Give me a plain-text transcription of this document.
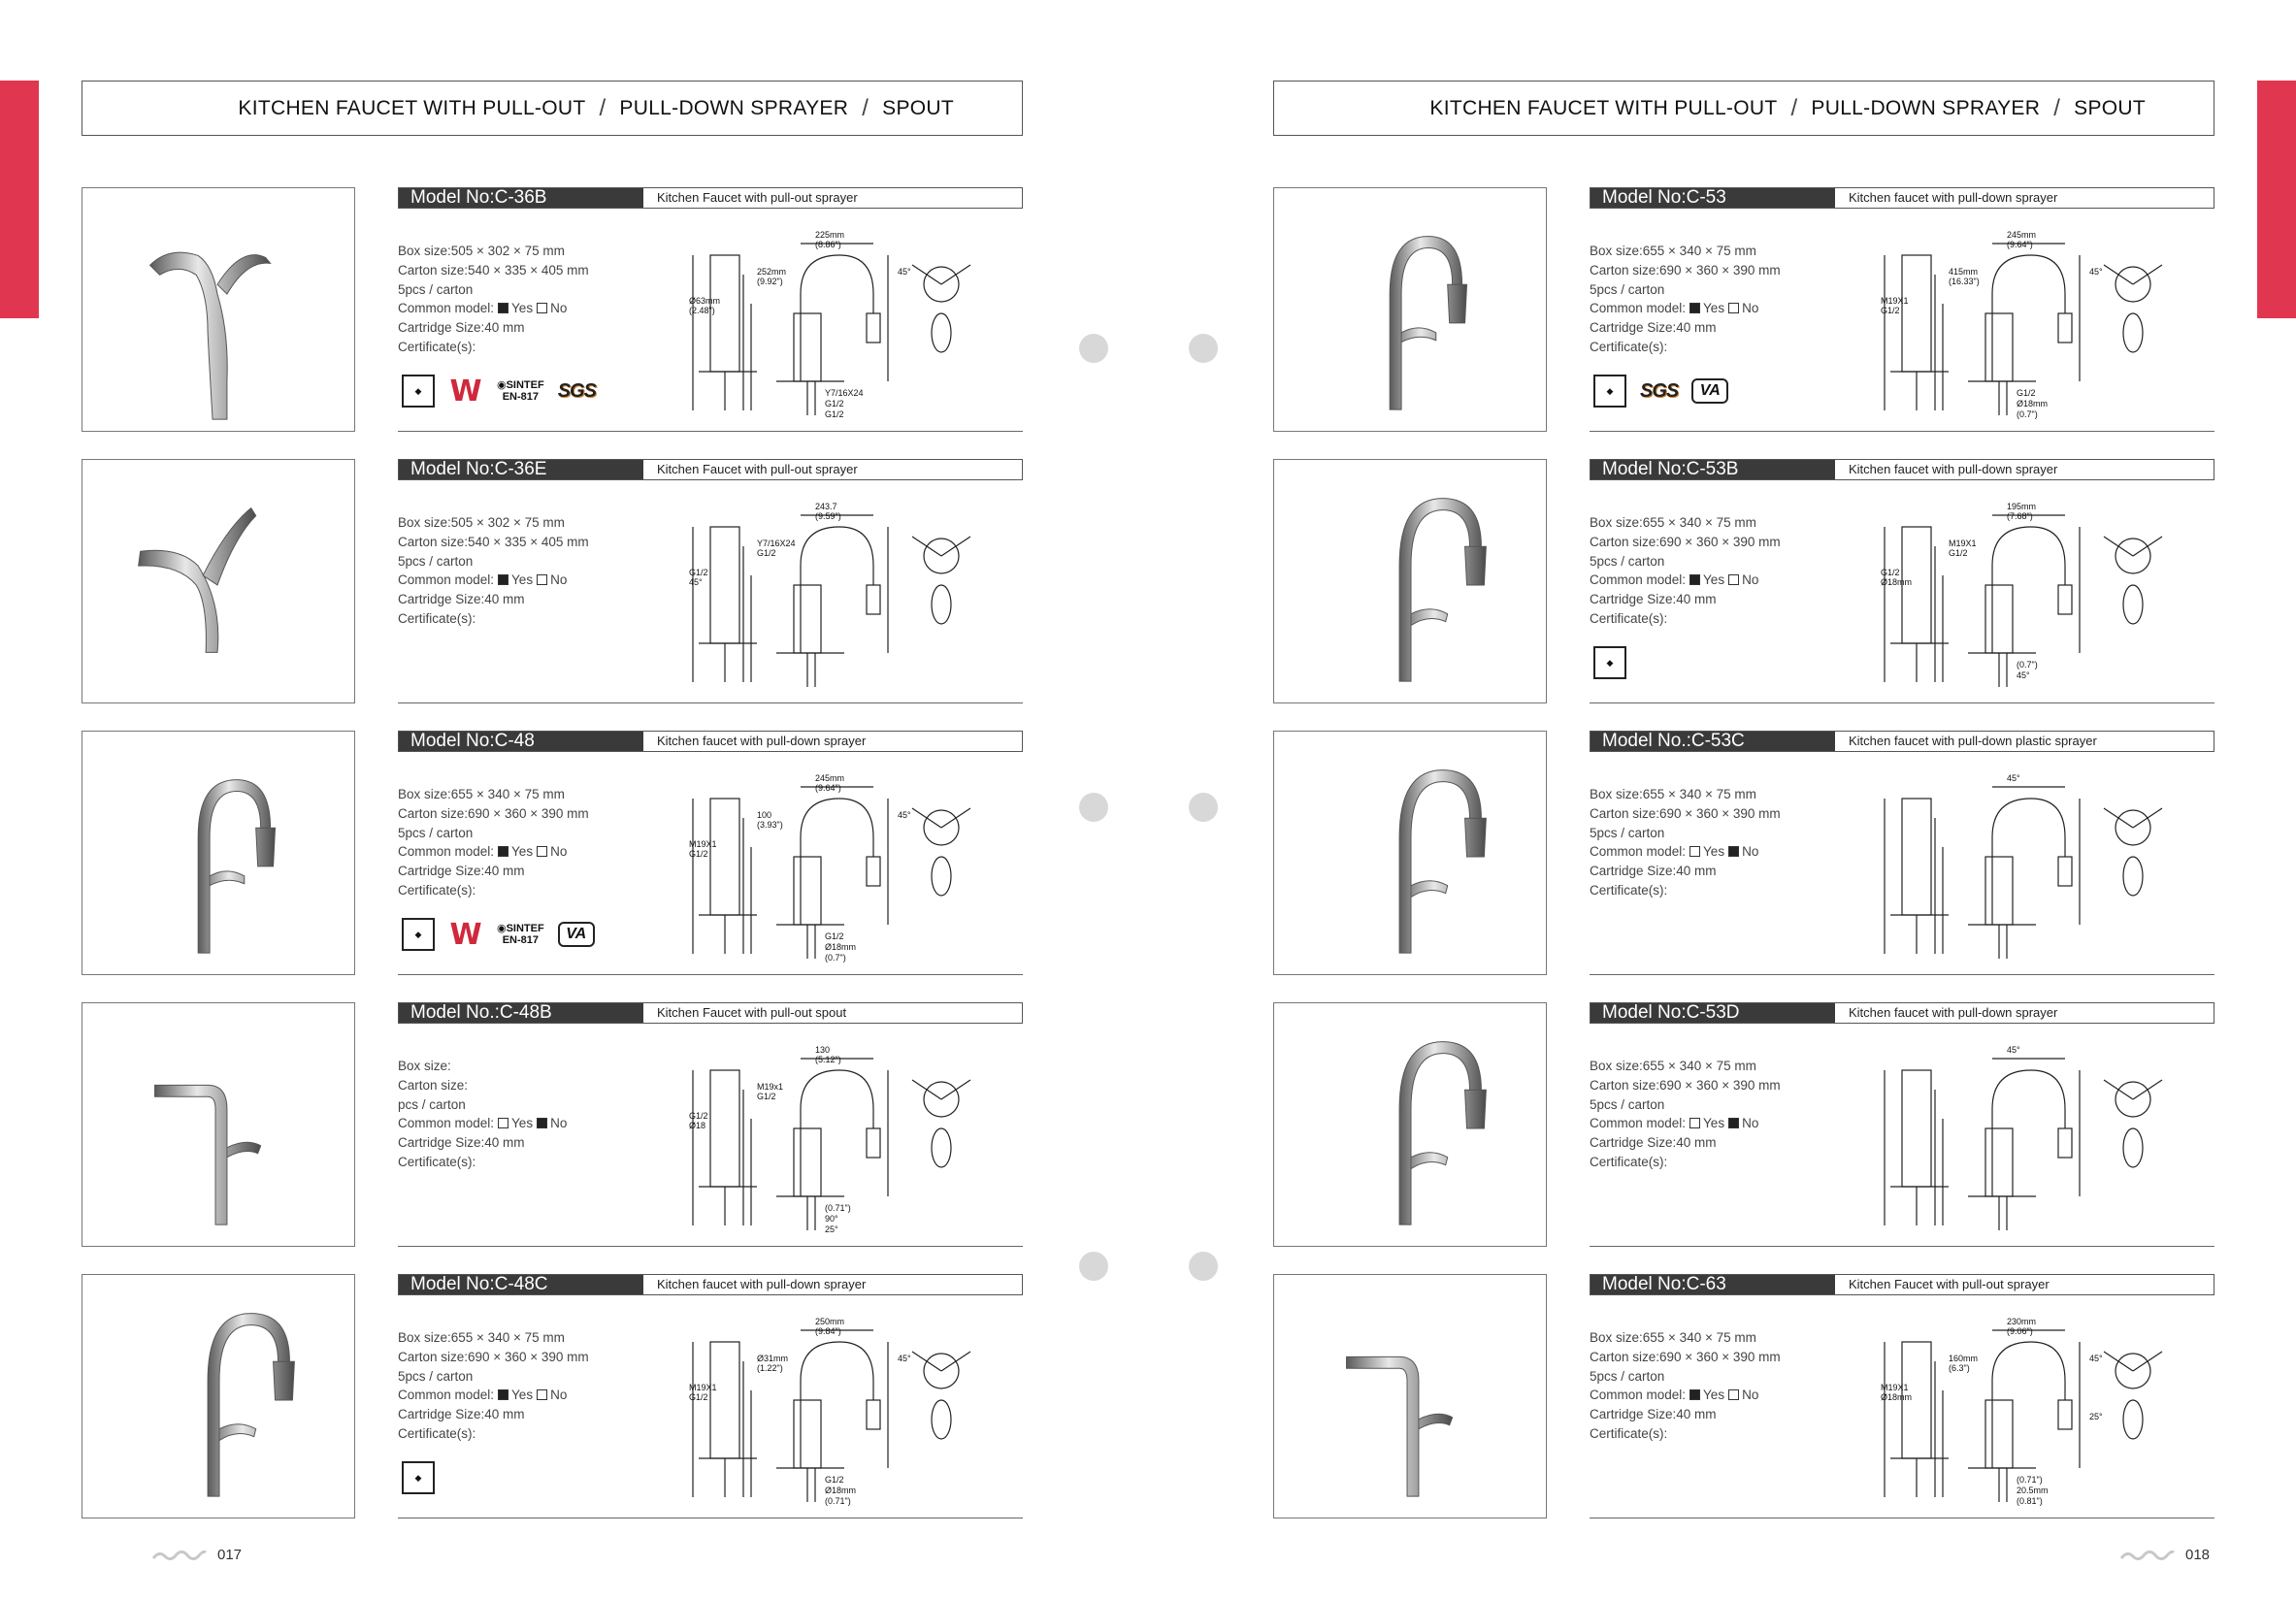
KITCHEN FAUCET WITH PULL-OUT / PULL-DOWN SPRAYER / SPOUT
Model No:C-36B	Kitchen Faucet with pull-out sprayer
Box size:505 × 302 × 75 mm
Carton size:540 × 335 × 405 mm
5pcs / carton
Common model: Yes No
Cartridge Size:40 mm
Certificate(s):
◆ W ◉SINTEF
EN-817 SGS
225mm
(8.86")
252mm
(9.92")
Ø63mm
(2.48")
Y7/16X24
G1/2
G1/2
45°
Model No:C-36E	Kitchen Faucet with pull-out sprayer
Box size:505 × 302 × 75 mm
Carton size:540 × 335 × 405 mm
5pcs / carton
Common model: Yes No
Cartridge Size:40 mm
Certificate(s):
243.7
(9.59")
Y7/16X24
G1/2
G1/2
45°
Model No:C-48	Kitchen faucet with pull-down sprayer
Box size:655 × 340 × 75 mm
Carton size:690 × 360 × 390 mm
5pcs / carton
Common model: Yes No
Cartridge Size:40 mm
Certificate(s):
◆ W ◉SINTEF
EN-817	VA
245mm
(9.64")
100
(3.93")
M19X1
G1/2
G1/2
Ø18mm
(0.7")
45°
Model No.:C-48B	Kitchen Faucet with pull-out spout
Box size:
Carton size:
pcs / carton
Common model: Yes No
Cartridge Size:40 mm
Certificate(s):
130
(5.12")
M19x1
G1/2
G1/2
Ø18
(0.71")
90°
25°
Model No:C-48C	Kitchen faucet with pull-down sprayer
Box size:655 × 340 × 75 mm
Carton size:690 × 360 × 390 mm
5pcs / carton
Common model: Yes No
Cartridge Size:40 mm
Certificate(s):
◆
250mm
(9.84")
Ø31mm
(1.22")
M19X1
G1/2
G1/2
Ø18mm
(0.71")
45°
017
KITCHEN FAUCET WITH PULL-OUT / PULL-DOWN SPRAYER / SPOUT
Model No:C-53	Kitchen faucet with pull-down sprayer
Box size:655 × 340 × 75 mm
Carton size:690 × 360 × 390 mm
5pcs / carton
Common model: Yes No
Cartridge Size:40 mm
Certificate(s):
◆	SGS	VA
245mm
(9.64")
415mm
(16.33")
M19X1
G1/2
G1/2
Ø18mm
(0.7")
45°
Model No:C-53B	Kitchen faucet with pull-down sprayer
Box size:655 × 340 × 75 mm
Carton size:690 × 360 × 390 mm
5pcs / carton
Common model: Yes No
Cartridge Size:40 mm
Certificate(s):
◆
195mm
(7.68")
M19X1
G1/2
G1/2
Ø18mm
(0.7")
45°
Model No.:C-53C	Kitchen faucet with pull-down plastic sprayer
Box size:655 × 340 × 75 mm
Carton size:690 × 360 × 390 mm
5pcs / carton
Common model: Yes No
Cartridge Size:40 mm
Certificate(s):
45°
Model No:C-53D	Kitchen faucet with pull-down sprayer
Box size:655 × 340 × 75 mm
Carton size:690 × 360 × 390 mm
5pcs / carton
Common model: Yes No
Cartridge Size:40 mm
Certificate(s):
45°
Model No:C-63	Kitchen Faucet with pull-out sprayer
Box size:655 × 340 × 75 mm
Carton size:690 × 360 × 390 mm
5pcs / carton
Common model: Yes No
Cartridge Size:40 mm
Certificate(s):
230mm
(9.06")
160mm
(6.3")
M19X1
Ø18mm
(0.71")
20.5mm
(0.81")
45°
25°
018
